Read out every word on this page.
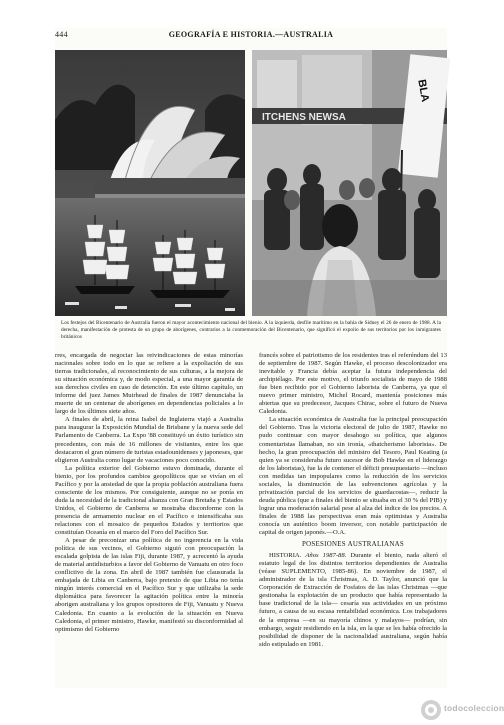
444	GEOGRAFÍA E HISTORIA.—AUSTRALIA
ITCHENS NEWSA
BLA
Los festejos del Bicentenario de Australia fueron el mayor acontecimiento nacional del bienio. A la izquierda, desfile marítimo en la bahía de Sidney el 26 de enero de 1988. A la derecha, manifestación de protesta de un grupo de aborígenes, contrarios a la conmemoración del Bicentenario, que significó el expolio de sus territorios por los inmigrantes británicos

rres, encargada de negociar las reivindicaciones de estas minorías nacionales sobre todo en lo que se refiere a la expoliación de sus tierras tradicionales, al reconocimiento de sus culturas, a la mejora de su situación económica y, de modo especial, a una mayor garantía de sus derechos civiles en caso de detención. En este último capítulo, un informe del juez James Muirhead de finales de 1987 denunciaba la muerte de un centenar de aborígenes en dependencias policiales a lo largo de los últimos siete años.

A finales de abril, la reina Isabel de Inglaterra viajó a Australia para inaugurar la Exposición Mundial de Brisbane y la nueva sede del Parlamento de Canberra. La Expo '88 constituyó un éxito turístico sin precedentes, con más de 16 millones de visitantes, entre los que destacaron el gran número de turistas estadounidenses y japoneses, que eligieron Australia como lugar de vacaciones poco conocido.

La política exterior del Gobierno estuvo dominada, durante el bienio, por los profundos cambios geopolíticos que se vivían en el Pacífico y por la ansiedad de que la propia población australiana fuera consciente de los mismos. Por consiguiente, aunque no se ponía en duda la necesidad de la tradicional alianza con Gran Bretaña y Estados Unidos, el Gobierno de Canberra se mostraba disconforme con la presencia de armamento nuclear en el Pacífico e intensificaba sus relaciones con el mosaico de pequeños Estados y territorios que constituían Oceanía en el marco del Foro del Pacífico Sur.

A pesar de preconizar una política de no ingerencia en la vida política de sus vecinos, el Gobierno siguió con preocupación la escalada golpista de las islas Fiji, durante 1987, y acrecentó la ayuda de material antidisturbios a favor del Gobierno de Vanuatu en otro foco conflictivo de la zona. En abril de 1987 también fue clausurada la embajada de Libia en Canberra, bajo pretexto de que Libia no tenía ningún interés comercial en el Pacífico Sur y que utilizaba la sede diplomática para favorecer la agitación política entre la minoría aborigen australiana y los grupos opositores de Fiji, Vanuatu y Nueva Caledonia. En cuanto a la evolución de la situación en Nueva Caledonia, el primer ministro, Hawke, manifestó su disconformidad al optimismo del Gobierno

francés sobre el patriotismo de los residentes tras el referéndum del 13 de septiembre de 1987. Según Hawke, el proceso descolonizador era inevitable y Francia debía aceptar la futura independencia del archipiélago. Por este motivo, el triunfo socialista de mayo de 1988 fue bien recibido por el Gobierno laborista de Canberra, ya que el nuevo primer ministro, Michel Rocard, mantenía posiciones más abiertas que su predecesor, Jacques Chirac, sobre el futuro de Nueva Caledonia.

La situación económica de Australia fue la principal preocupación del Gobierno. Tras la victoria electoral de julio de 1987, Hawke no pudo continuar con mayor desahogo su política, que algunos comentaristas llamaban, no sin ironía, «thatcherismo laborista». De hecho, la gran preocupación del ministro del Tesoro, Paul Keating (a quien ya se consideraba futuro sucesor de Bob Hawke en el liderazgo de los laboristas), fue la de contener el déficit presupuestario —incluso con medidas tan impopulares como la reducción de los servicios sociales, la disminución de las subvenciones agrícolas y la privatización parcial de los servicios de guardacostas—, reducir la deuda pública (que a finales del bienio se situaba en el 30 % del PIB) y lograr una moderación salarial pese al alza del índice de los precios. A finales de 1988 las perspectivas eran más optimistas y Australia conocía un auténtico boom inversor, con notable participación de capital de origen japonés.—O.A.

POSESIONES AUSTRALIANAS

HISTORIA. Años 1987-88. Durante el bienio, nada alteró el estatuto legal de los distintos territorios dependientes de Australia (véase SUPLEMENTO, 1985-86). En noviembre de 1987, el administrador de la isla Christmas, A. D. Taylor, anunció que la Corporación de Extracción de Fosfatos de las islas Christmas —que gestionaba la explotación de un producto que había representado la base tradicional de la isla— cesaría sus actividades en un próximo futuro, a causa de su escasa rentabilidad económica. Los trabajadores de la empresa —en su mayoría chinos y malayos— podrían, sin embargo, seguir residiendo en la isla, en la que se les había ofrecido la posibilidad de disponer de la nacionalidad australiana, según había sido estipulado en 1981.

todocoleccion
